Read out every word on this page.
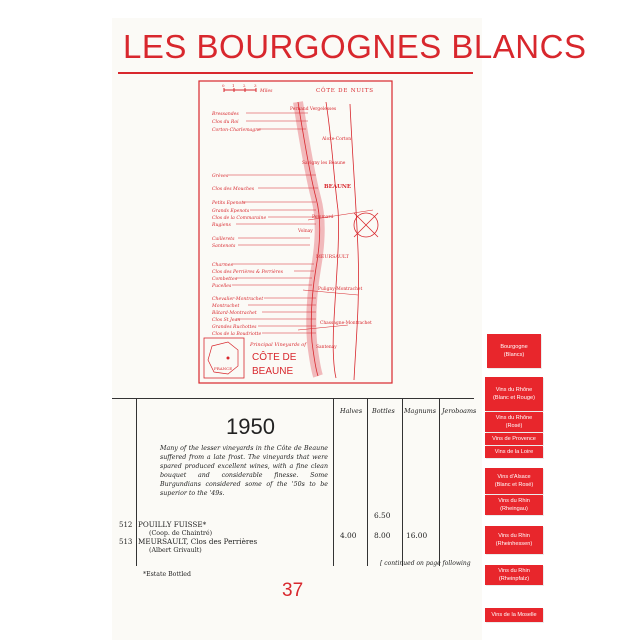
LES BOURGOGNES BLANCS
0 1 2 3
Miles	CÔTE DE NUITS
Bressandes
Clos du Roi
Corton-Charlemagne
Grèves
Clos des Mouches
Petits Epenots
Grands Epenots
Clos de la Commaraine
Rugiens
Caillerets
Santenots
Charmes
Clos des Perrières & Perrières
Combettes
Pucelles
Chevalier-Montrachet
Montrachet
Bâtard-Montrachet
Clos St Jean
Grandes Ruchottes
Clos de la Boudriotte
Pernand Vergelesses
Aloxe-Corton
Savigny les Beaune
BEAUNE
Pommard
Volnay
MEURSAULT
Puligny-Montrachet
Chassagne-Montrachet
Santenay
FRANCE
Principal Vineyards of
CÔTE DE
BEAUNE
Halves Bottles Magnums Jeroboams
1950
Many of the lesser vineyards in the Côte de Beaune suffered from a late frost. The vineyards that were spared produced excellent wines, with a fine clean bouquet and considerable finesse. Some Burgundians considered some of the '50s to be superior to the '49s.
6.50
512 POUILLY FUISSE*
(Coop. de Chaintré)
513 MEURSAULT, Clos des Perrières
(Albert Grivault)
4.00 8.00 16.00
[ continued on page following
*Estate Bottled
37
Bourgogne
(Blancs)
Vins du Rhône
(Blanc et Rouge)
Vins du Rhône
(Rosé)
Vins de Provence
Vins de la Loire
Vins d'Alsace
(Blanc et Rosé)
Vins du Rhin
(Rheingau)
Vins du Rhin
(Rheinhessen)
Vins du Rhin
(Rheinpfalz)
Vins de la Moselle
